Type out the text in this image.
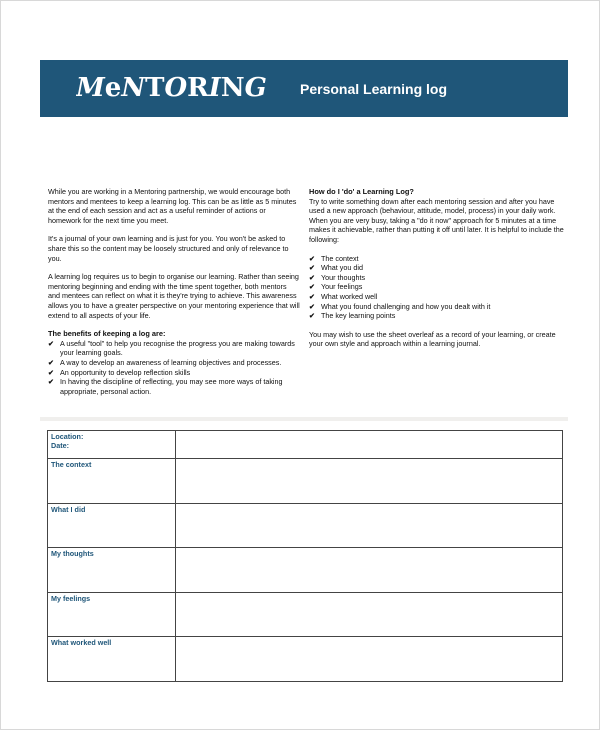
MeNTORING	Personal Learning log

While you are working in a Mentoring partnership, we would encourage both mentors and mentees to keep a learning log. This can be as little as 5 minutes at the end of each session and act as a useful reminder of actions or homework for the next time you meet.

It's a journal of your own learning and is just for you. You won't be asked to share this so the content may be loosely structured and only of relevance to you.

A learning log requires us to begin to organise our learning. Rather than seeing mentoring beginning and ending with the time spent together, both mentors and mentees can reflect on what it is they're trying to achieve. This awareness allows you to have a greater perspective on your mentoring experience that will extend to all aspects of your life.

The benefits of keeping a log are:
✔ A useful "tool" to help you recognise the progress you are making towards your learning goals.
✔ A way to develop an awareness of learning objectives and processes.
✔ An opportunity to develop reflection skills
✔ In having the discipline of reflecting, you may see more ways of taking appropriate, personal action.
How do I 'do' a Learning Log?

Try to write something down after each mentoring session and after you have used a new approach (behaviour, attitude, model, process) in your daily work. When you are very busy, taking a "do it now" approach for 5 minutes at a time makes it achievable, rather than putting it off until later. It is helpful to include the following:

✔ The context
✔ What you did
✔ Your thoughts
✔ Your feelings
✔ What worked well
✔ What you found challenging and how you dealt with it
✔ The key learning points

You may wish to use the sheet overleaf as a record of your learning, or create your own style and approach within a learning journal.

Location:
Date:	

The context	
What I did	
My thoughts	
My feelings	
What worked well	
